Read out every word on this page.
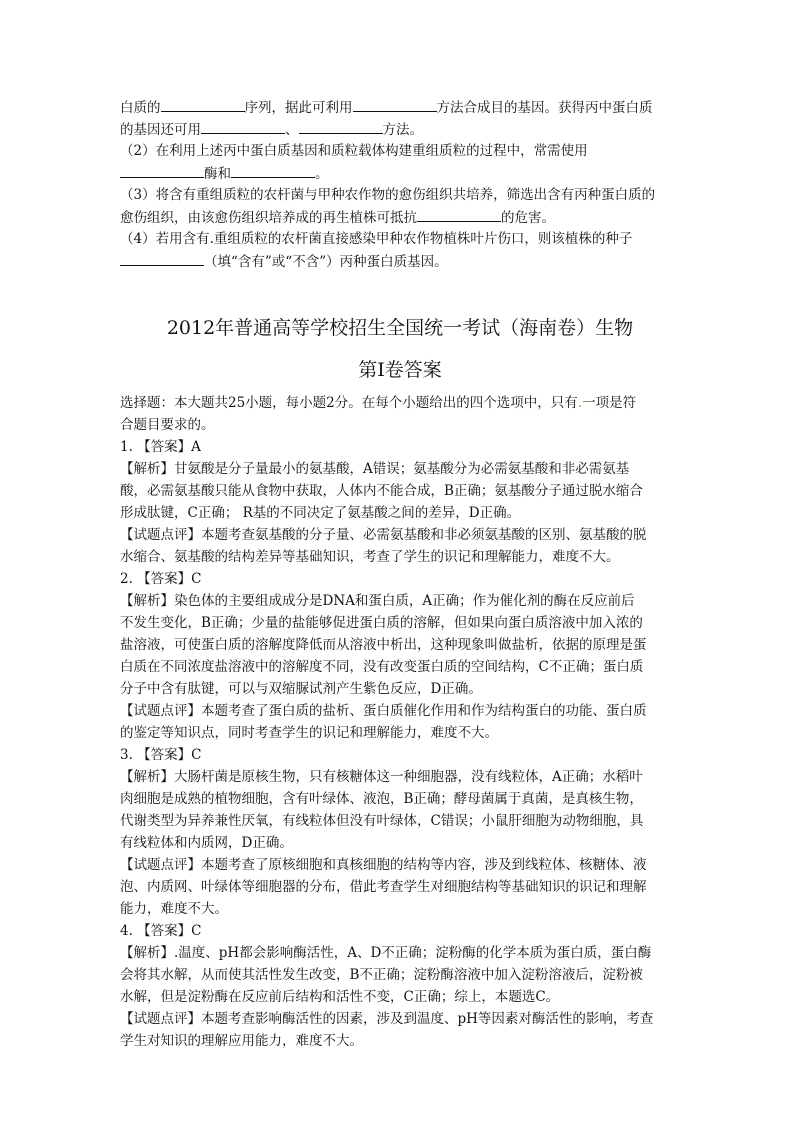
白质的	序列，据此可利用	方法合成目的基因。获得丙中蛋白质
的基因还可用	、	方法。
（2）在利用上述丙中蛋白质基因和质粒载体构建重组质粒的过程中，常需使用
酶和	。
（3）将含有重组质粒的农杆菌与甲种农作物的愈伤组织共培养，筛选出含有丙种蛋白质的
愈伤组织，由该愈伤组织培养成的再生植株可抵抗	的危害。
（4）若用含有.重组质粒的农杆菌直接感染甲种农作物植株叶片伤口，则该植株的种子
（填“含有”或“不含”）丙种蛋白质基因。
2012年普通高等学校招生全国统一考试（海南卷）生物
第I卷答案
选择题：本大题共25小题，每小题2分。在每个小题给出的四个选项中，只有.一项是符
合题目要求的。
1. 【答案】A
【解析】甘氨酸是分子量最小的氨基酸，A错误；氨基酸分为必需氨基酸和非必需氨基
酸，必需氨基酸只能从食物中获取，人体内不能合成，B正确；氨基酸分子通过脱水缩合
形成肽键，C正确； R基的不同决定了氨基酸之间的差异，D正确。
【试题点评】本题考查氨基酸的分子量、必需氨基酸和非必须氨基酸的区别、氨基酸的脱
水缩合、氨基酸的结构差异等基础知识，考查了学生的识记和理解能力，难度不大。
2. 【答案】C
【解析】染色体的主要组成成分是DNA和蛋白质，A正确；作为催化剂的酶在反应前后
不发生变化，B正确；少量的盐能够促进蛋白质的溶解，但如果向蛋白质溶液中加入浓的
盐溶液，可使蛋白质的溶解度降低而从溶液中析出，这种现象叫做盐析，依据的原理是蛋
白质在不同浓度盐溶液中的溶解度不同，没有改变蛋白质的空间结构，C不正确；蛋白质
分子中含有肽键，可以与双缩脲试剂产生紫色反应，D正确。
【试题点评】本题考查了蛋白质的盐析、蛋白质催化作用和作为结构蛋白的功能、蛋白质
的鉴定等知识点，同时考查学生的识记和理解能力，难度不大。
3. 【答案】C
【解析】大肠杆菌是原核生物，只有核糖体这一种细胞器，没有线粒体，A正确；水稻叶
肉细胞是成熟的植物细胞，含有叶绿体、液泡，B正确；酵母菌属于真菌，是真核生物，
代谢类型为异养兼性厌氧，有线粒体但没有叶绿体，C错误；小鼠肝细胞为动物细胞，具
有线粒体和内质网，D正确。
【试题点评】本题考查了原核细胞和真核细胞的结构等内容，涉及到线粒体、核糖体、液
泡、内质网、叶绿体等细胞器的分布，借此考查学生对细胞结构等基础知识的识记和理解
能力，难度不大。
4. 【答案】C
【解析】.温度、pH都会影响酶活性，A、D不正确；淀粉酶的化学本质为蛋白质，蛋白酶
会将其水解，从而使其活性发生改变，B不正确；淀粉酶溶液中加入淀粉溶液后，淀粉被
水解，但是淀粉酶在反应前后结构和活性不变，C正确；综上，本题选C。
【试题点评】本题考查影响酶活性的因素，涉及到温度、pH等因素对酶活性的影响，考查
学生对知识的理解应用能力，难度不大。
